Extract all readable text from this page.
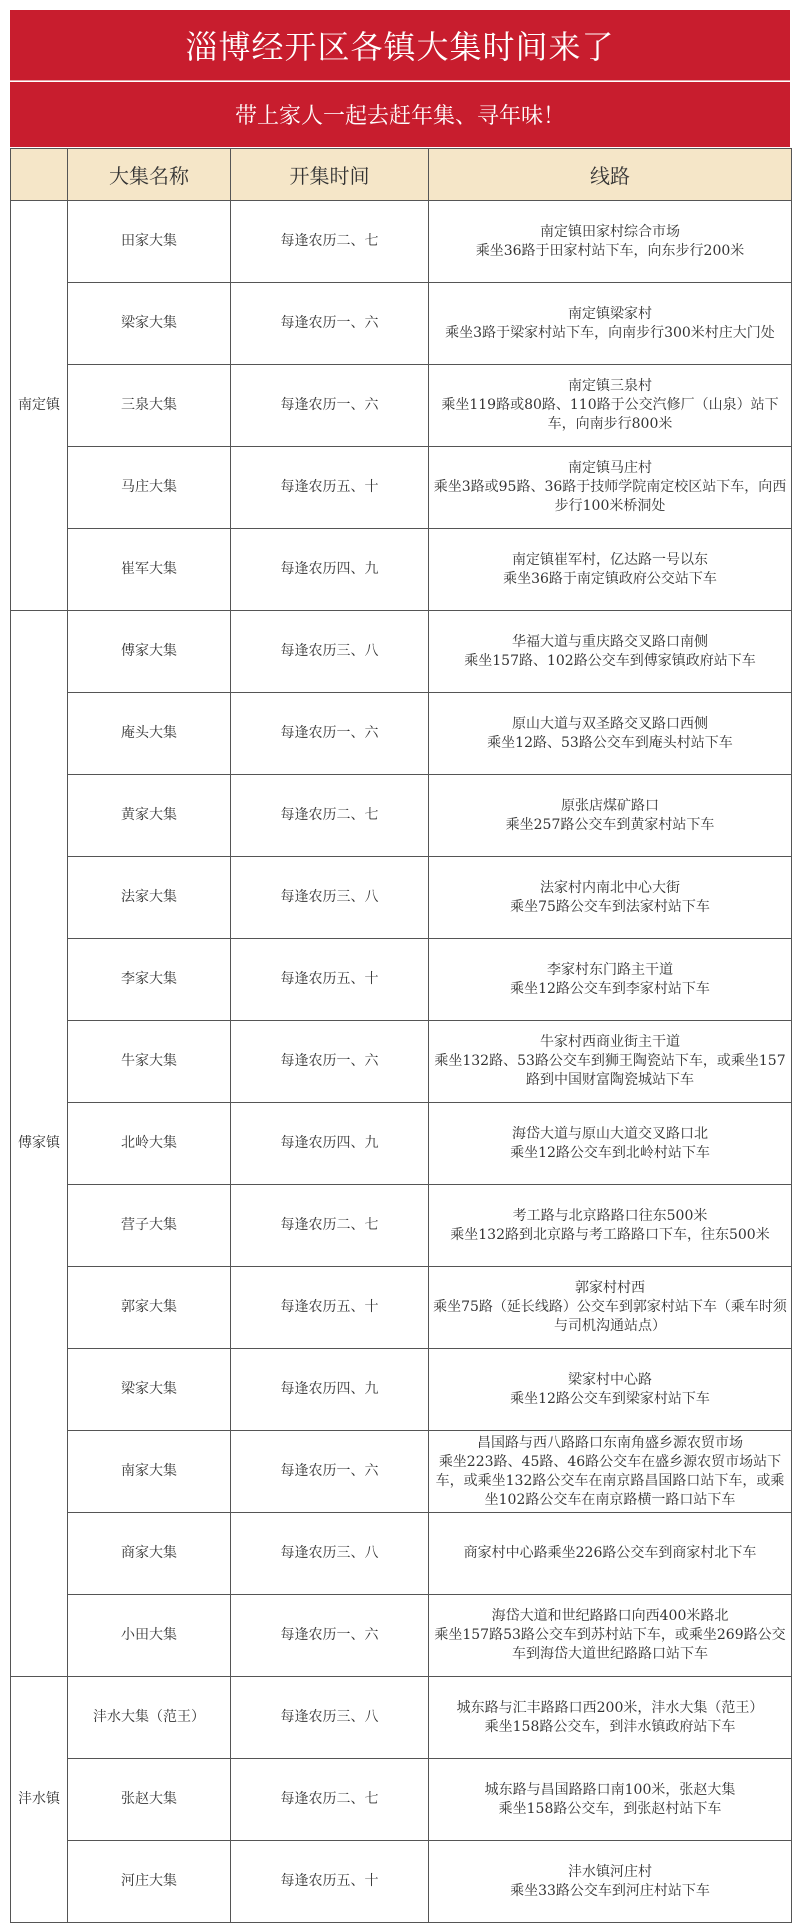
淄博经开区各镇大集时间来了
带上家人一起去赶年集、寻年味！
	大集名称	开集时间	线路
南定镇	田家大集	每逢农历二、七	南定镇田家村综合市场
乘坐36路于田家村站下车，向东步行200米

	梁家大集	每逢农历一、六	南定镇梁家村
乘坐3路于梁家村站下车，向南步行300米村庄大门处

	三泉大集	每逢农历一、六	南定镇三泉村
乘坐119路或80路、110路于公交汽修厂（山泉）站下车，向南步行800米

	马庄大集	每逢农历五、十	南定镇马庄村
乘坐3路或95路、36路于技师学院南定校区站下车，向西步行100米桥洞处

	崔军大集	每逢农历四、九	南定镇崔军村，亿达路一号以东
乘坐36路于南定镇政府公交站下车

傅家镇	傅家大集	每逢农历三、八	华福大道与重庆路交叉路口南侧
乘坐157路、102路公交车到傅家镇政府站下车

	庵头大集	每逢农历一、六	原山大道与双圣路交叉路口西侧
乘坐12路、53路公交车到庵头村站下车

	黄家大集	每逢农历二、七	原张店煤矿路口
乘坐257路公交车到黄家村站下车

	法家大集	每逢农历三、八	法家村内南北中心大街
乘坐75路公交车到法家村站下车

	李家大集	每逢农历五、十	李家村东门路主干道
乘坐12路公交车到李家村站下车

	牛家大集	每逢农历一、六	牛家村西商业街主干道
乘坐132路、53路公交车到狮王陶瓷站下车，或乘坐157路到中国财富陶瓷城站下车

	北岭大集	每逢农历四、九	海岱大道与原山大道交叉路口北
乘坐12路公交车到北岭村站下车

	营子大集	每逢农历二、七	考工路与北京路路口往东500米
乘坐132路到北京路与考工路路口下车，往东500米

	郭家大集	每逢农历五、十	郭家村村西
乘坐75路（延长线路）公交车到郭家村站下车（乘车时须与司机沟通站点）

	梁家大集	每逢农历四、九	梁家村中心路
乘坐12路公交车到梁家村站下车

	南家大集	每逢农历一、六	昌国路与西八路路口东南角盛乡源农贸市场
乘坐223路、45路、46路公交车在盛乡源农贸市场站下车，或乘坐132路公交车在南京路昌国路口站下车，或乘坐102路公交车在南京路横一路口站下车

	商家大集	每逢农历三、八	商家村中心路乘坐226路公交车到商家村北下车

	小田大集	每逢农历一、六	海岱大道和世纪路路口向西400米路北
乘坐157路53路公交车到苏村站下车，或乘坐269路公交车到海岱大道世纪路路口站下车

沣水镇	沣水大集（范王）	每逢农历三、八	城东路与汇丰路路口西200米，沣水大集（范王）
乘坐158路公交车，到沣水镇政府站下车

	张赵大集	每逢农历二、七	城东路与昌国路路口南100米，张赵大集
乘坐158路公交车，到张赵村站下车

	河庄大集	每逢农历五、十	沣水镇河庄村
乘坐33路公交车到河庄村站下车
